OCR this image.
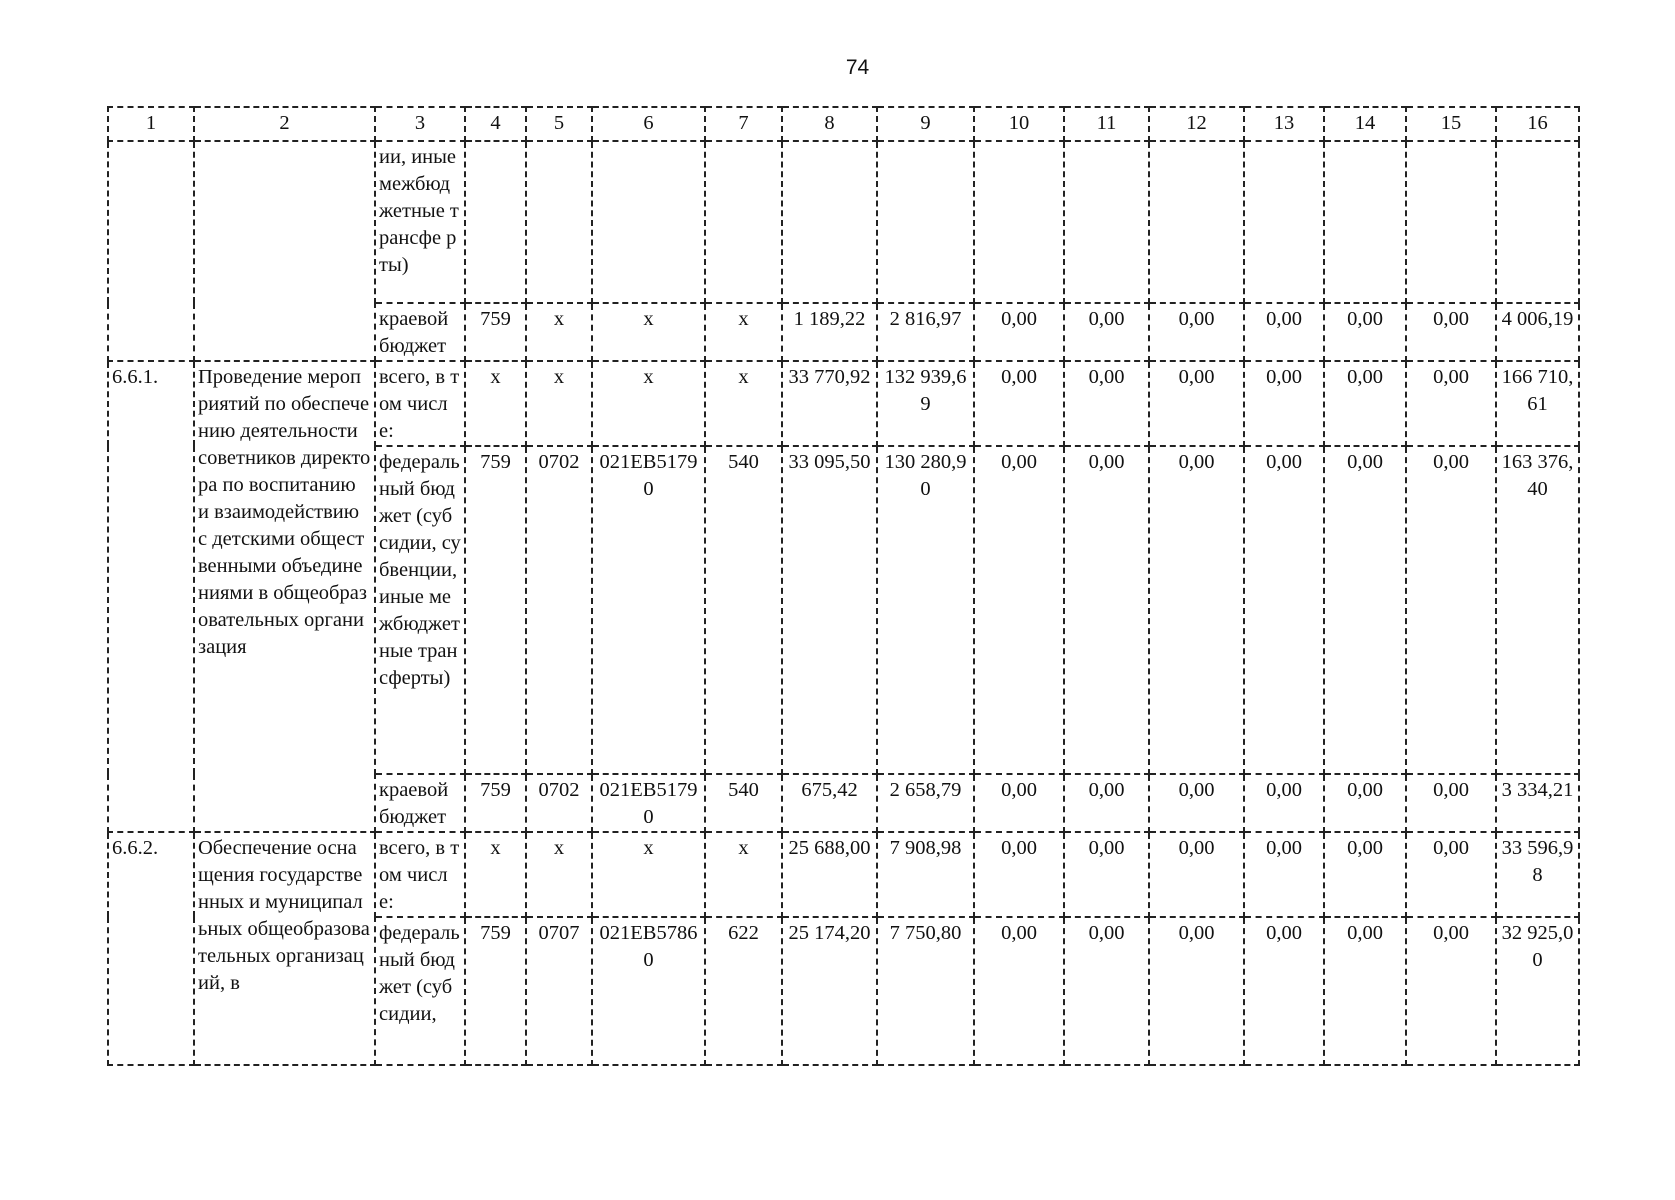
74
1	2	3	4	5	6	7	8	9	10	11	12	13	14	15	16
		ии, иные межбюд жетные трансфе рты)													
		краевой бюджет	759	х	х	х	1 189,22	2 816,97	0,00	0,00	0,00	0,00	0,00	0,00	4 006,19
6.6.1.	Проведение мероприятий по обеспечению деятельности советников директора по воспитанию и взаимодействию с детскими общественными объединениями в общеобразовательных организация	всего, в том числе:	х	х	х	х	33 770,92	132 939,69	0,00	0,00	0,00	0,00	0,00	0,00	166 710,61
		федеральный бюджет (субсидии, субвенции, иные межбюджетные трансферты)	759	0702	021ЕВ51790	540	33 095,50	130 280,90	0,00	0,00	0,00	0,00	0,00	0,00	163 376,40
		краевой бюджет	759	0702	021ЕВ51790	540	675,42	2 658,79	0,00	0,00	0,00	0,00	0,00	0,00	3 334,21
6.6.2.	Обеспечение оснащения государственных и муниципальных общеобразовательных организаций, в	всего, в том числе:	х	х	х	х	25 688,00	7 908,98	0,00	0,00	0,00	0,00	0,00	0,00	33 596,98
		федеральный бюджет (субсидии,	759	0707	021ЕВ57860	622	25 174,20	7 750,80	0,00	0,00	0,00	0,00	0,00	0,00	32 925,00
